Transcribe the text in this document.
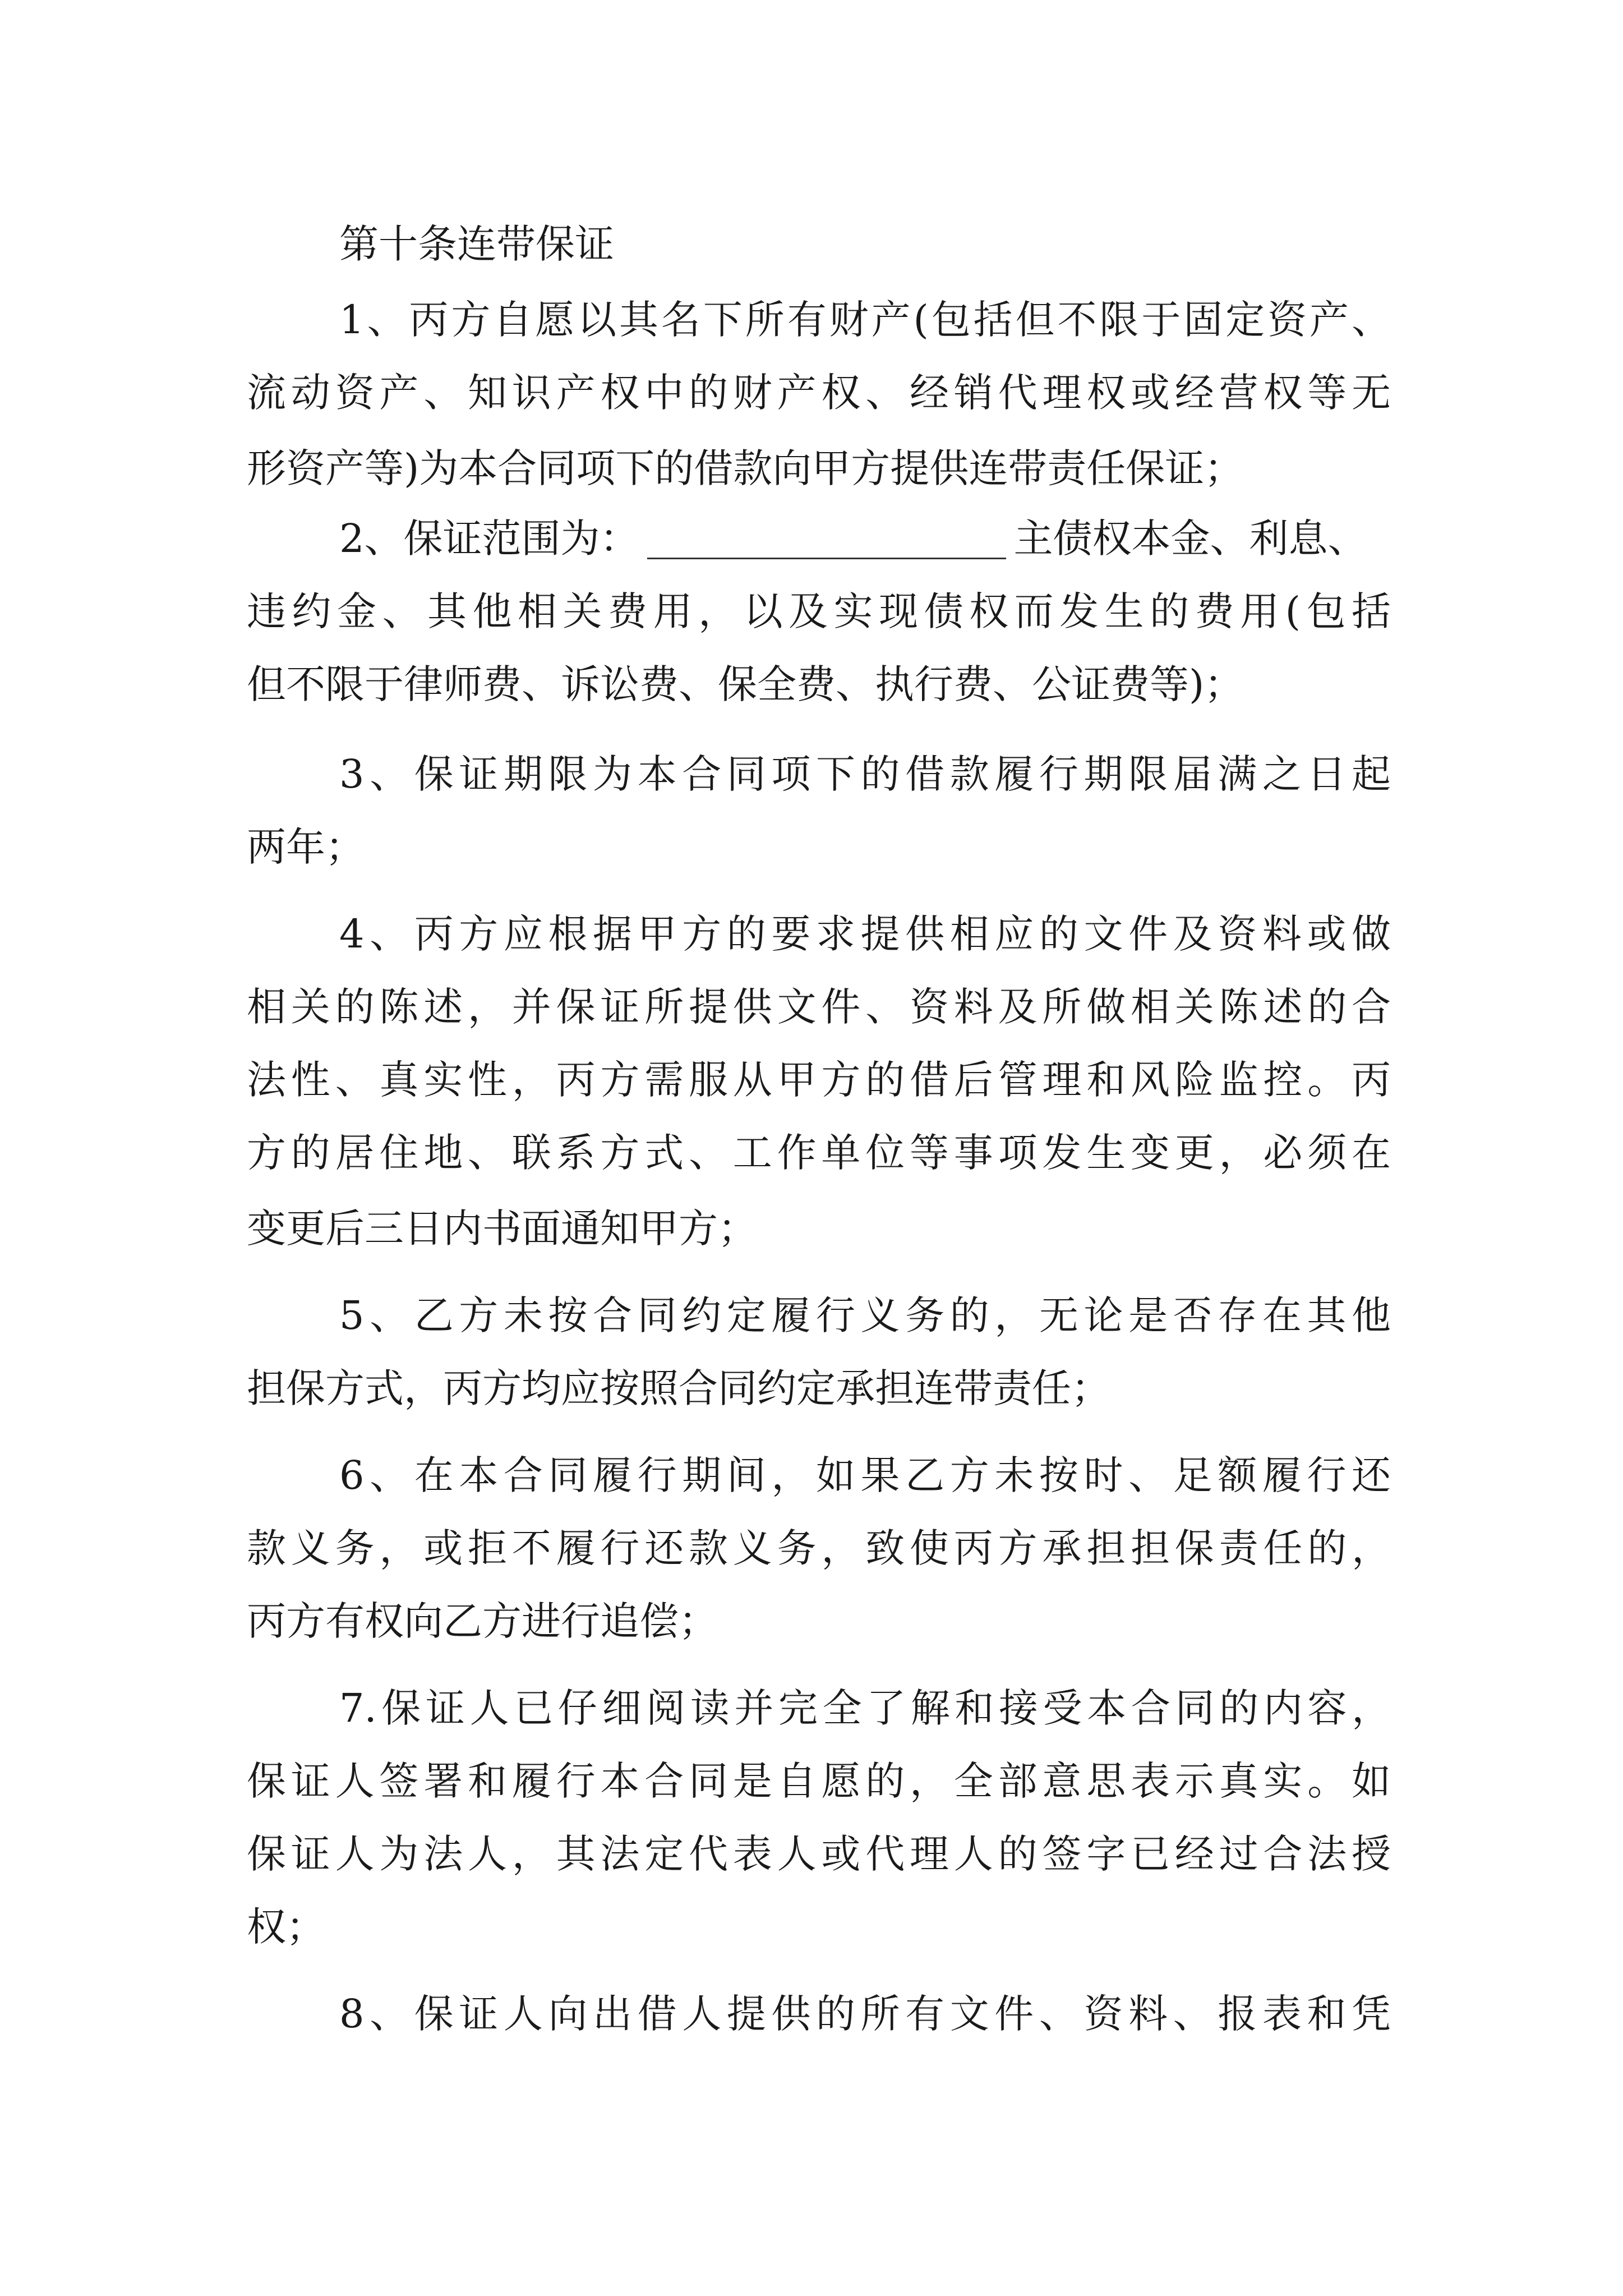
第十条连带保证
1、丙方自愿以其名下所有财产(包括但不限于固定资产、
流动资产、知识产权中的财产权、经销代理权或经营权等无
形资产等)为本合同项下的借款向甲方提供连带责任保证；
2、保证范围为：	主债权本金、利息、
违约金、其他相关费用，以及实现债权而发生的费用(包括
但不限于律师费、诉讼费、保全费、执行费、公证费等)；
3、保证期限为本合同项下的借款履行期限届满之日起
两年；
4、丙方应根据甲方的要求提供相应的文件及资料或做
相关的陈述，并保证所提供文件、资料及所做相关陈述的合
法性、真实性，丙方需服从甲方的借后管理和风险监控。丙
方的居住地、联系方式、工作单位等事项发生变更，必须在
变更后三日内书面通知甲方；
5、乙方未按合同约定履行义务的，无论是否存在其他
担保方式，丙方均应按照合同约定承担连带责任；
6、在本合同履行期间，如果乙方未按时、足额履行还
款义务，或拒不履行还款义务，致使丙方承担担保责任的，
丙方有权向乙方进行追偿；
7.保证人已仔细阅读并完全了解和接受本合同的内容，
保证人签署和履行本合同是自愿的，全部意思表示真实。如
保证人为法人，其法定代表人或代理人的签字已经过合法授
权；
8、保证人向出借人提供的所有文件、资料、报表和凭
